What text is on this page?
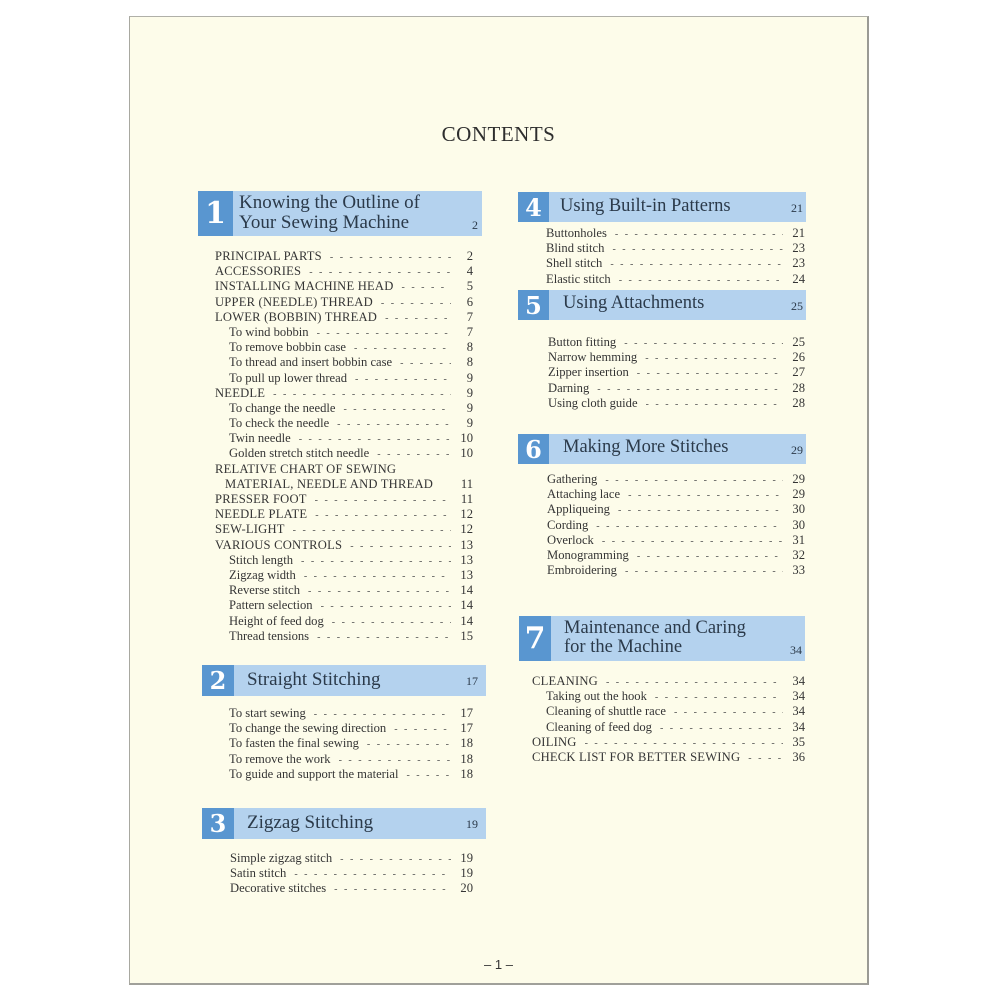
CONTENTS
1 Knowing the Outline of
Your Sewing Machine	2
PRINCIPAL PARTS - - -	2
ACCESSORIES - - -	4
INSTALLING MACHINE HEAD - - -	5
UPPER (NEEDLE) THREAD - - -	6
LOWER (BOBBIN) THREAD - - -	7
To wind bobbin - - -	7
To remove bobbin case - - -	8
To thread and insert bobbin case - - -	8
To pull up lower thread - - -	9
NEEDLE - - -	9
To change the needle - - -	9
To check the needle - - -	9
Twin needle - - -	10
Golden stretch stitch needle - - -	10
RELATIVE CHART OF SEWING
MATERIAL, NEEDLE AND THREAD	11
PRESSER FOOT - - -	11
NEEDLE PLATE - - -	12
SEW-LIGHT - - -	12
VARIOUS CONTROLS - - -	13
Stitch length - - -	13
Zigzag width - - -	13
Reverse stitch - - -	14
Pattern selection - - -	14
Height of feed dog - - -	14
Thread tensions - - -	15
2	Straight Stitching	17
To start sewing - - -	17
To change the sewing direction - - -	17
To fasten the final sewing - - -	18
To remove the work - - -	18
To guide and support the material - - -	18
3	Zigzag Stitching	19
Simple zigzag stitch - - -	19
Satin stitch - - -	19
Decorative stitches - - -	20
4 Using Built-in Patterns	21
Buttonholes - - -	21
Blind stitch - - -	23
Shell stitch - - -	23
Elastic stitch - - -	24
5	Using Attachments	25
Button fitting - - -	25
Narrow hemming - - -	26
Zipper insertion - - -	27
Darning - - -	28
Using cloth guide - - -	28
6	Making More Stitches	29
Gathering - - -	29
Attaching lace - - -	29
Appliqueing - - -	30
Cording - - -	30
Overlock - - -	31
Monogramming - - -	32
Embroidering - - -	33
7	Maintenance and Caring
for the Machine	34
CLEANING - - -	34
Taking out the hook - - -	34
Cleaning of shuttle race - - -	34
Cleaning of feed dog - - -	34
OILING - - -	35
CHECK LIST FOR BETTER SEWING - - -	36
– 1 –
